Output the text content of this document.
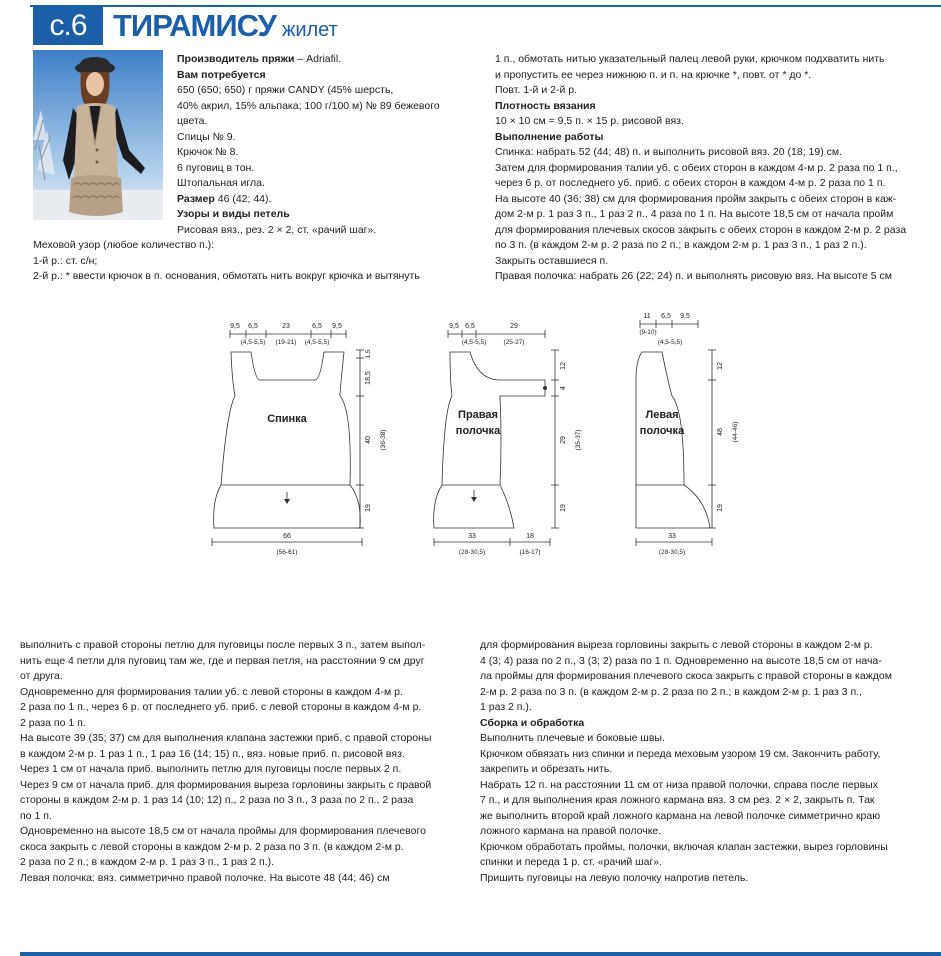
с.6 ТИРАМИСУ жилет
Производитель пряжи – Adriafil.
Вам потребуется
650 (650; 650) г пряжи CANDY (45% шерсть,
40% акрил, 15% альпака; 100 г/100 м) № 89 бежевого
цвета.
Спицы № 9.
Крючок № 8.
6 пуговиц в тон.
Штопальная игла.
Размер 46 (42; 44).
Узоры и виды петель
Рисовая вяз., рез. 2 × 2, ст. «рачий шаг».
Меховой узор (любое количество п.):
1-й р.: ст. с/н;
2-й р.: * ввести крючок в п. основания, обмотать нить вокруг крючка и вытянуть
1 п., обмотать нитью указательный палец левой руки, крючком подхватить нить
и пропустить ее через нижнюю п. и п. на крючке *, повт. от * до *.
Повт. 1-й и 2-й р.
Плотность вязания
10 × 10 см = 9,5 п. × 15 р. рисовой вяз.
Выполнение работы
Спинка: набрать 52 (44; 48) п. и выполнить рисовой вяз. 20 (18; 19) см.
Затем для формирования талии уб. с обеих сторон в каждом 4-м р. 2 раза по 1 п.,
через 6 р. от последнего уб. приб. с обеих сторон в каждом 4-м р. 2 раза по 1 п.
На высоте 40 (36; 38) см для формирования пройм закрыть с обеих сторон в каж-
дом 2-м р. 1 раз 3 п., 1 раз 2 п., 4 раза по 1 п. На высоте 18,5 см от начала пройм
для формирования плечевых скосов закрыть с обеих сторон в каждом 2-м р. 2 раза
по 3 п. (в каждом 2-м р. 2 раза по 2 п.; в каждом 2-м р. 1 раз 3 п., 1 раз 2 п.).
Закрыть оставшиеся п.
Правая полочка: набрать 26 (22; 24) п. и выполнять рисовую вяз. На высоте 5 см
Спинка
9,5 6,5	23	6,5 9,5
(4,5-5,5) (19-21) (4,5-5,5)
1,5
18,5
40 (36-38)
19
66
(56-61)
Правая
полочка
9,5 6,5	29
(4,5-5,5)	(25-27)
12
4
29 (35-37)
19
33	18
(28-30,5)	(16-17)
Левая
полочка
11 6,5 9,5
(9-10)
(4,5-5,5)
12
48 (44-46)
19
33
(28-30,5)
выполнить с правой стороны петлю для пуговицы после первых 3 п., затем выпол-
нить еще 4 петли для пуговиц там же, где и первая петля, на расстоянии 9 см друг
от друга.
Одновременно для формирования талии уб. с левой стороны в каждом 4-м р.
2 раза по 1 п., через 6 р. от последнего уб. приб. с левой стороны в каждом 4-м р.
2 раза по 1 п.
На высоте 39 (35; 37) см для выполнения клапана застежки приб. с правой стороны
в каждом 2-м р. 1 раз 1 п., 1 раз 16 (14; 15) п., вяз. новые приб. п. рисовой вяз.
Через 1 см от начала приб. выполнить петлю для пуговицы после первых 2 п.
Через 9 см от начала приб. для формирования выреза горловины закрыть с правой
стороны в каждом 2-м р. 1 раз 14 (10; 12) п., 2 раза по 3 п., 3 раза по 2 п., 2 раза
по 1 п.
Одновременно на высоте 18,5 см от начала проймы для формирования плечевого
скоса закрыть с левой стороны в каждом 2-м р. 2 раза по 3 п. (в каждом 2-м р.
2 раза по 2 п.; в каждом 2-м р. 1 раз 3 п., 1 раз 2 п.).
Левая полочка: вяз. симметрично правой полочке. На высоте 48 (44; 46) см
для формирования выреза горловины закрыть с левой стороны в каждом 2-м р.
4 (3; 4) раза по 2 п., 3 (3; 2) раза по 1 п. Одновременно на высоте 18,5 см от нача-
ла проймы для формирования плечевого скоса закрыть с правой стороны в каждом
2-м р. 2 раза по 3 п. (в каждом 2-м р. 2 раза по 2 п.; в каждом 2-м р. 1 раз 3 п.,
1 раз 2 п.).
Сборка и обработка
Выполнить плечевые и боковые швы.
Крючком обвязать низ спинки и переда меховым узором 19 см. Закончить работу,
закрепить и обрезать нить.
Набрать 12 п. на расстоянии 11 см от низа правой полочки, справа после первых
7 п., и для выполнения края ложного кармана вяз. 3 см рез. 2 × 2, закрыть п. Так
же выполнить второй край ложного кармана на левой полочке симметрично краю
ложного кармана на правой полочке.
Крючком обработать проймы, полочки, включая клапан застежки, вырез горловины
спинки и переда 1 р. ст. «рачий шаг».
Пришить пуговицы на левую полочку напротив петель.
